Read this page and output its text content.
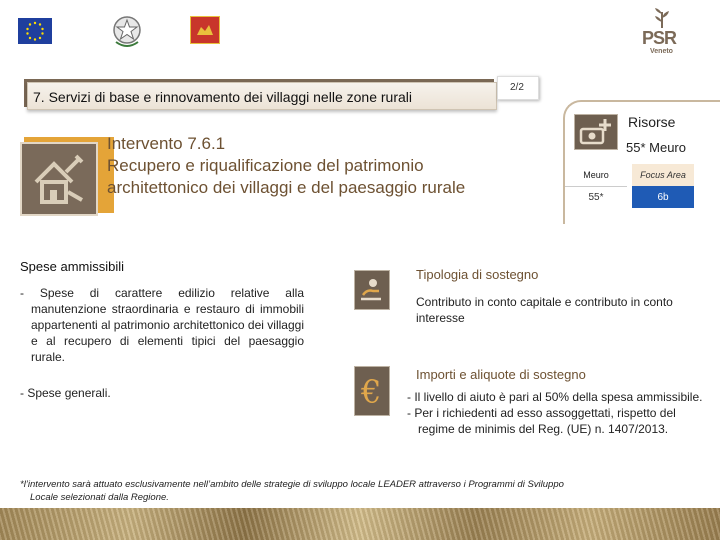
PSR
Veneto
7. Servizi di base e rinnovamento dei villaggi nelle zone rurali
2/2
Intervento 7.6.1
Recupero e riqualificazione del patrimonio architettonico dei villaggi e del paesaggio rurale
Risorse
55* Meuro
Meuro		Focus Area
55*		6b
Spese ammissibili
- Spese di carattere edilizio relative alla manutenzione straordinaria e restauro di immobili appartenenti al patrimonio architettonico dei villaggi e al recupero di elementi tipici del paesaggio rurale.
- Spese generali.	€
Tipologia di sostegno
Contributo in conto capitale e contributo in conto interesse
Importi e aliquote di sostegno
- Il livello di aiuto è pari al 50% della spesa ammissibile.
- Per i richiedenti ad esso assoggettati, rispetto del regime de minimis del Reg. (UE) n. 1407/2013.
*l’intervento sarà attuato esclusivamente nell’ambito delle strategie di sviluppo locale LEADER attraverso i Programmi di Sviluppo
Locale selezionati dalla Regione.
